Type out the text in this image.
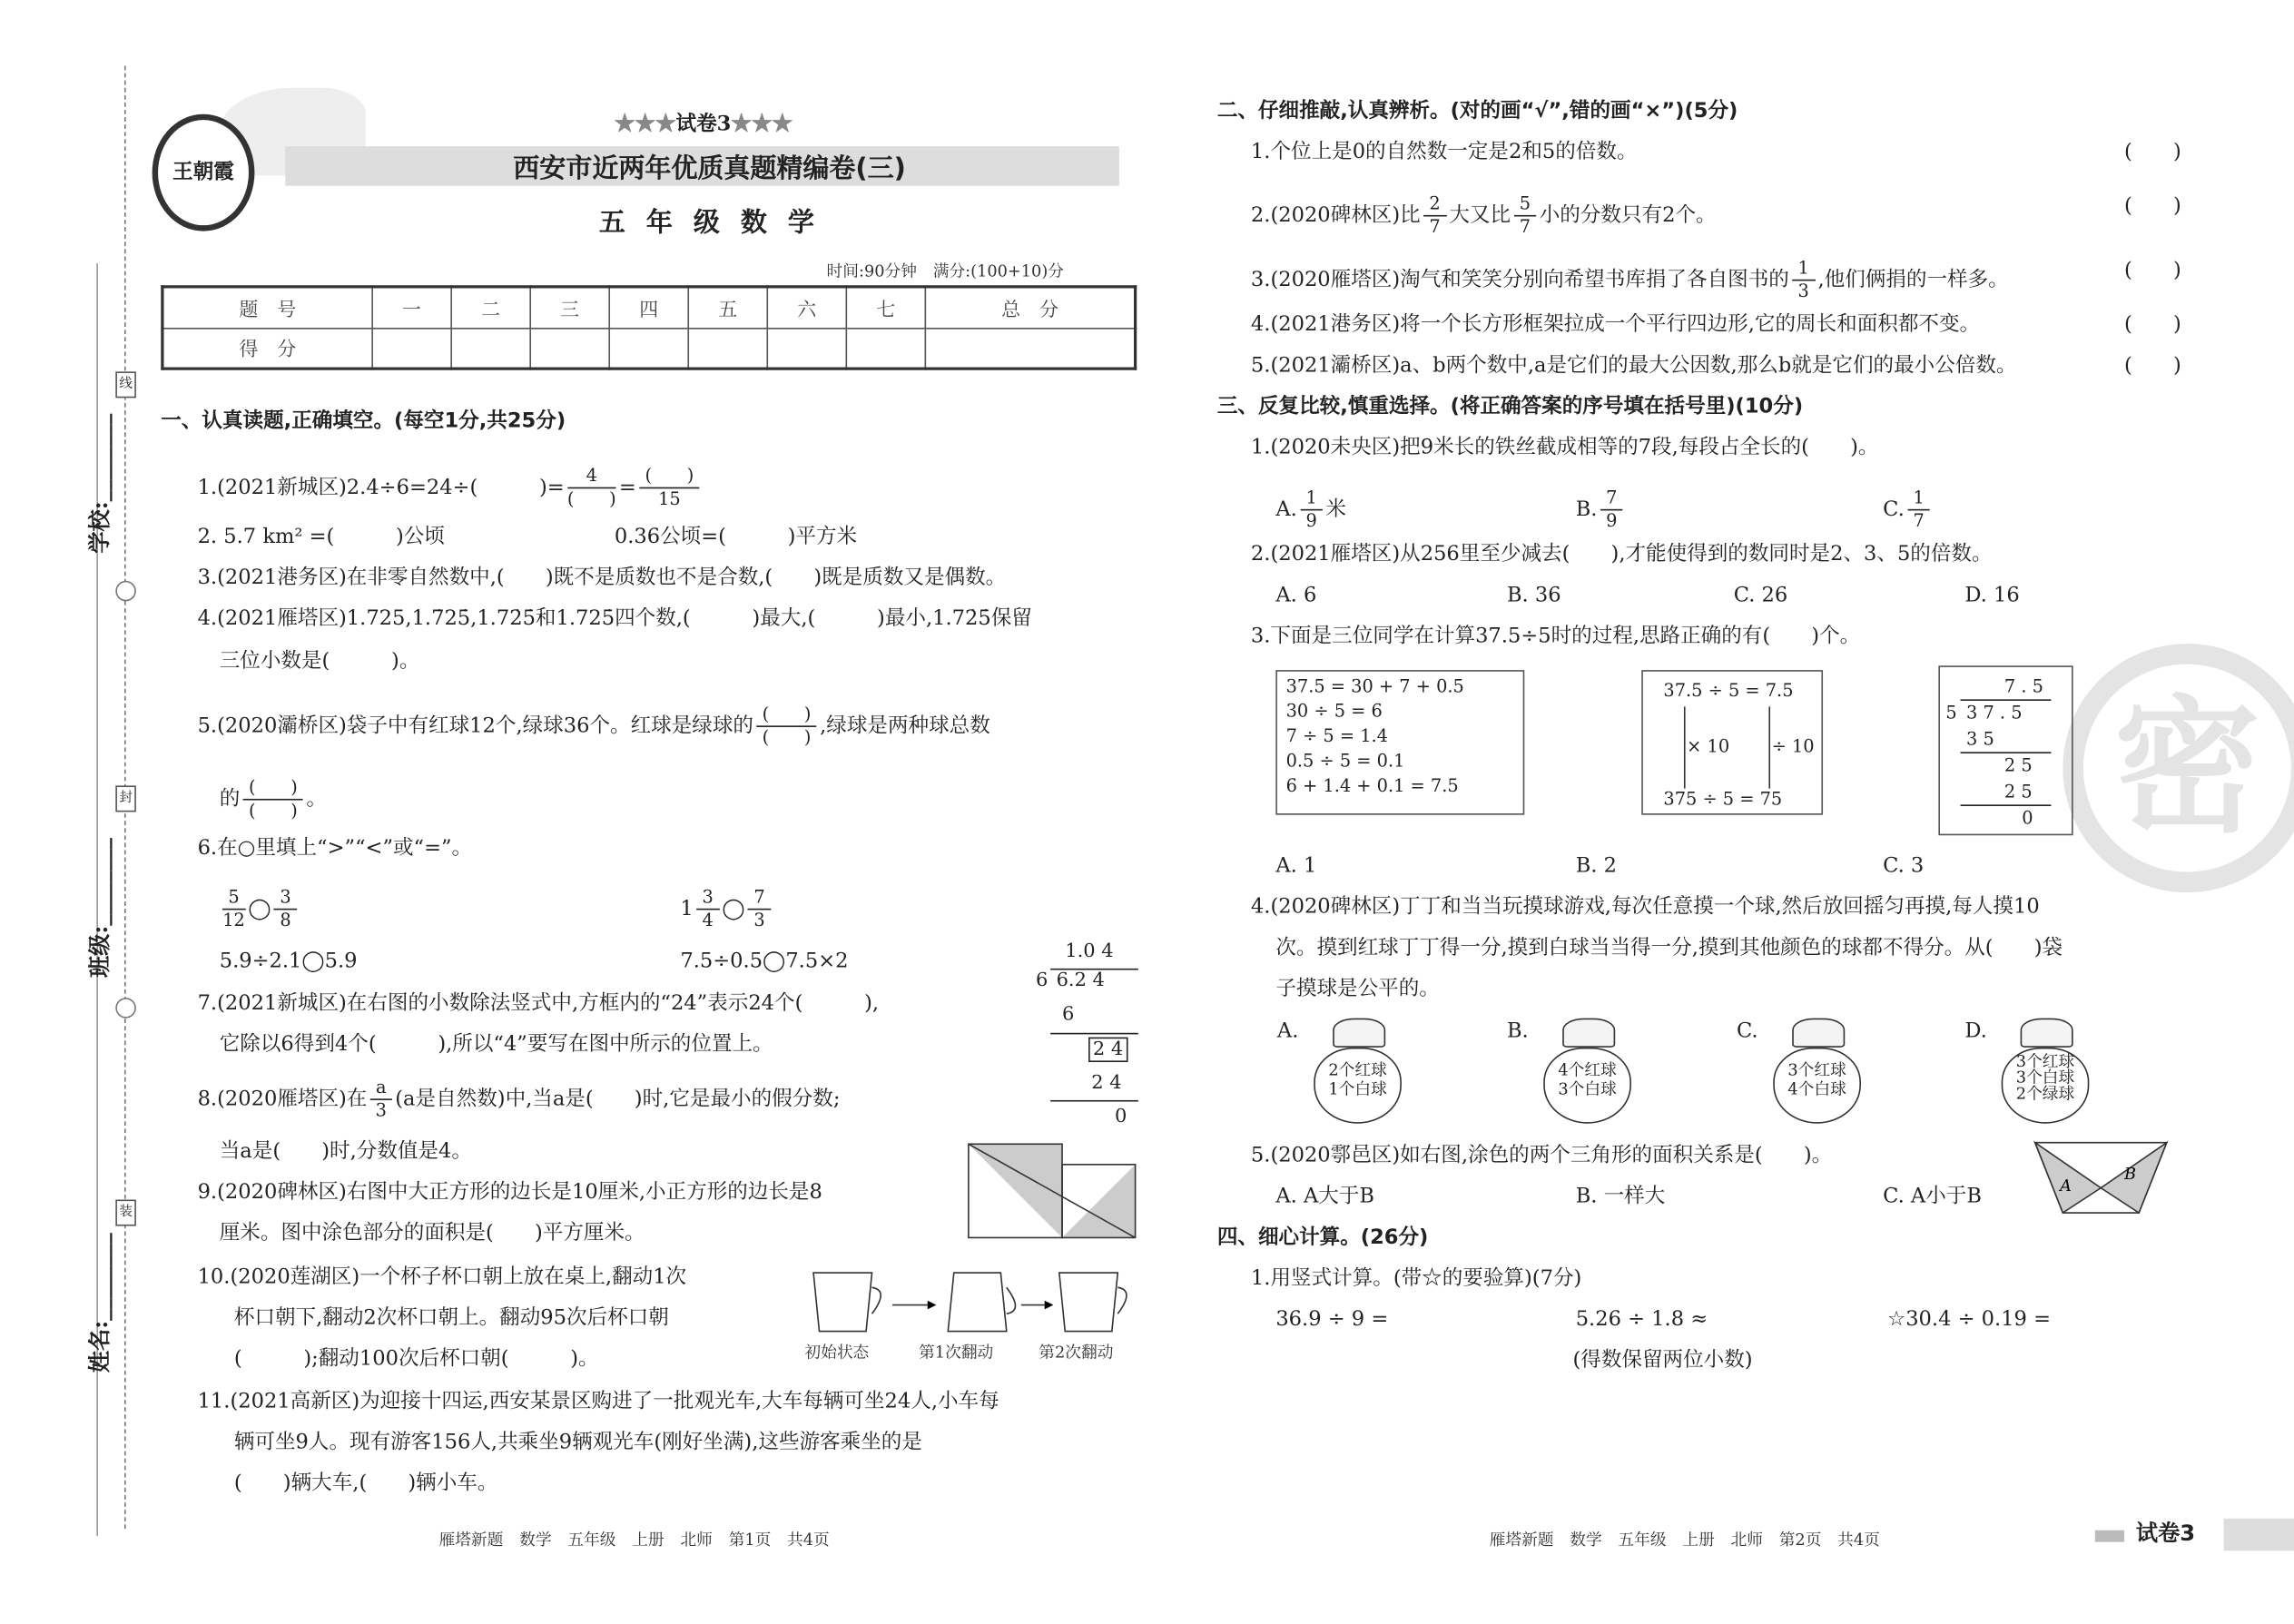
学校:________
班级:________
姓名:________
线
封
装
王朝霞
★★★试卷3★★★
西安市近两年优质真题精编卷(三)
五 年 级 数 学
时间:90分钟　满分:(100+10)分
题　号	一	二	三	四	五	六	七	总　分
得　分								
一、认真读题,正确填空。(每空1分,共25分)
1.(2021新城区)2.4÷6=24÷(　　　)=
4
(　　) =
(　　)
15
2. 5.7 km² =(　　　)公顷	0.36公顷=(　　　)平方米
3.(2021港务区)在非零自然数中,(　　)既不是质数也不是合数,(　　)既是质数又是偶数。
4.(2021雁塔区)1.725,1.7̇25̇,1.72̇5̇和1.725̇四个数,(　　　)最大,(　　　)最小,1.72̇5̇保留
三位小数是(　　　)。
5.(2020灞桥区)袋子中有红球12个,绿球36个。红球是绿球的
(　　)
(　　) ,绿球是两种球总数
的
(　　)
(　　) 。
6.在○里填上“>”“<”或“=”。
$\frac{5}{12}$ ◯ $\frac{3}{8}$	$1 \frac{3}{4}$ ◯ $\frac{7}{3}$
5.9÷2.1◯5.9	7.5÷0.5◯7.5×2
7.(2021新城区)在右图的小数除法竖式中,方框内的“24”表示24个(　　　),
它除以6得到4个(　　　),所以“4”要写在图中所示的位置上。
1.0 4
6 6.2 4
6
2 4
2 4
0
8.(2020雁塔区)在 $\frac{a}{3} (a$是自然数)中,当a是(　　)时,它是最小的假分数;
当a是(　　)时,分数值是4。
9.(2020碑林区)右图中大正方形的边长是10厘米,小正方形的边长是8
厘米。图中涂色部分的面积是(　　)平方厘米。
10.(2020莲湖区)一个杯子杯口朝上放在桌上,翻动1次
杯口朝下,翻动2次杯口朝上。翻动95次后杯口朝
(　　　);翻动100次后杯口朝(　　　)。	初始状态	第1次翻动	第2次翻动
11.(2021高新区)为迎接十四运,西安某景区购进了一批观光车,大车每辆可坐24人,小车每
辆可坐9人。现有游客156人,共乘坐9辆观光车(刚好坐满),这些游客乘坐的是
(　　)辆大车,(　　)辆小车。
雁塔新题　数学　五年级　上册　北师　第1页　共4页
密
二、仔细推敲,认真辨析。(对的画“√”,错的画“×”)(5分)
1.个位上是0的自然数一定是2和5的倍数。
2.(2020碑林区)比 $\frac{2}{7}$ 大又比 $\frac{5}{7}$ 小的分数只有2个。
3.(2020雁塔区)淘气和笑笑分别向希望书库捐了各自图书的 $\frac{1}{3}$ ,他们俩捐的一样多。
4.(2021港务区)将一个长方形框架拉成一个平行四边形,它的周长和面积都不变。
5.(2021灞桥区)a、b两个数中,a是它们的最大公因数,那么b就是它们的最小公倍数。
(　　)
(　　)
(　　)
(　　)
(　　)
三、反复比较,慎重选择。(将正确答案的序号填在括号里)(10分)
1.(2020未央区)把9米长的铁丝截成相等的7段,每段占全长的(　　)。
A. $\frac{1}{9}$ 米	B. $\frac{7}{9}$	C. $\frac{1}{7}$
2.(2021雁塔区)从256里至少减去(　　),才能使得到的数同时是2、3、5的倍数。
A. 6	B. 36	C. 26	D. 16
3.下面是三位同学在计算37.5÷5时的过程,思路正确的有(　　)个。
37.5 = 30 + 7 + 0.5
30 ÷ 5 = 6
7 ÷ 5 = 1.4
0.5 ÷ 5 = 0.1
6 + 1.4 + 0.1 = 7.5
37.5 ÷ 5 = 7.5
× 10	÷ 10
375 ÷ 5 = 75
7 . 5
5 3 7 . 5
3 5
2 5
2 5
0
A. 1	B. 2	C. 3
4.(2020碑林区)丁丁和当当玩摸球游戏,每次任意摸一个球,然后放回摇匀再摸,每人摸10
次。摸到红球丁丁得一分,摸到白球当当得一分,摸到其他颜色的球都不得分。从(　　)袋
子摸球是公平的。
A.
2个红球
1个白球
B.
4个红球
3个白球
C.
3个红球
4个白球
D.
3个红球
3个白球
2个绿球
5.(2020鄠邑区)如右图,涂色的两个三角形的面积关系是(　　)。
A. A大于B	B. 一样大	C. A小于B	A
B
四、细心计算。(26分)
1.用竖式计算。(带☆的要验算)(7分)
36.9 ÷ 9 =	5.26 ÷ 1.8 ≈	☆30.4 ÷ 0.19 =
(得数保留两位小数)
雁塔新题　数学　五年级　上册　北师　第2页　共4页	试卷3
